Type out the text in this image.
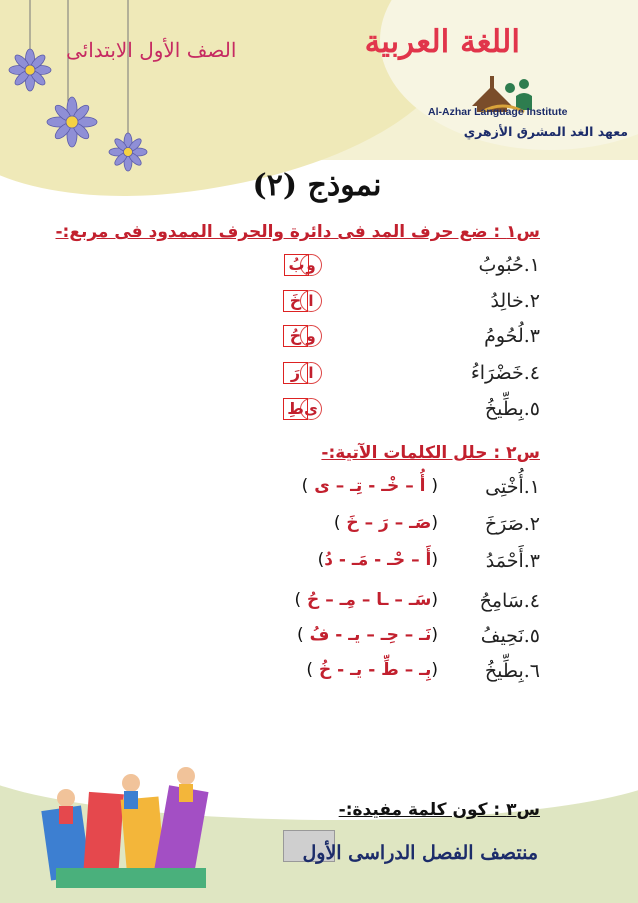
اللغة العربية
الصف الأول الابتدائى
Al-Azhar Language Institute
معهد الغد المشرق الأزهري
نموذج (٢)
س١ : ضع حرف المد فى دائرة والحرف الممدود فى مربع:-
١.حُبُوبُ
و
بُ
٢.خالِدُ
ا
خَ
٣.لُحُومُ
و
حُ
٤.خَضْرَاءُ
ا
رَ
٥.بِطِّيخُ
ى
طِ
س٢ : حلل الكلمات الآتية:-
١.أُخْتِى
( أُ – خْـ - تِـ – ى )
٢.صَرَخَ
(صَـ – رَ – خَ )
٣.أَحْمَدُ
(أَ – حْـ - مَـ - دُ)
٤.سَامِحُ
(سَـ – ـا – مِـ – حُ )
٥.نَحِيفُ
(نَـ – حِـ – يـ - فُ )
٦.بِطِّيخُ
(بِـ – طِّ - يـ - خُ )
س٣ : كون كلمة مفيدة:-
منتصف الفصل الدراسى الأول
